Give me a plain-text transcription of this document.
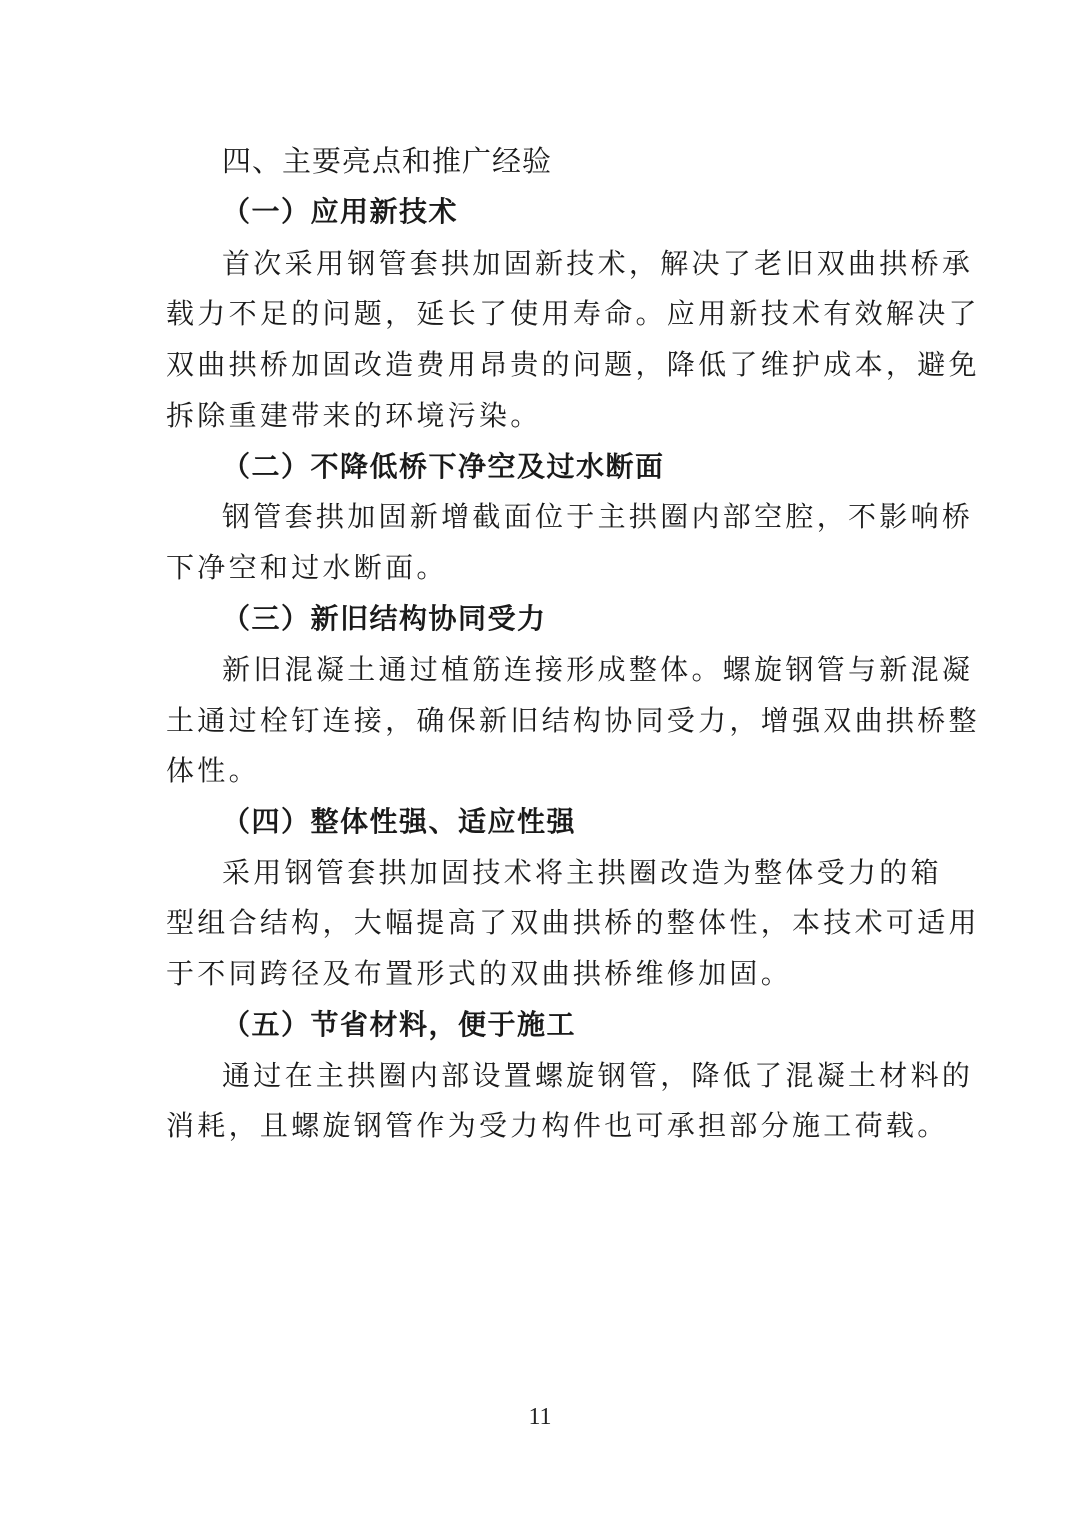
四、主要亮点和推广经验
（一）应用新技术
首次采用钢管套拱加固新技术，解决了老旧双曲拱桥承
载力不足的问题，延长了使用寿命。应用新技术有效解决了
双曲拱桥加固改造费用昂贵的问题，降低了维护成本，避免
拆除重建带来的环境污染。
（二）不降低桥下净空及过水断面
钢管套拱加固新增截面位于主拱圈内部空腔，不影响桥
下净空和过水断面。
（三）新旧结构协同受力
新旧混凝土通过植筋连接形成整体。螺旋钢管与新混凝
土通过栓钉连接，确保新旧结构协同受力，增强双曲拱桥整
体性。
（四）整体性强、适应性强
采用钢管套拱加固技术将主拱圈改造为整体受力的箱
型组合结构，大幅提高了双曲拱桥的整体性，本技术可适用
于不同跨径及布置形式的双曲拱桥维修加固。
（五）节省材料，便于施工
通过在主拱圈内部设置螺旋钢管，降低了混凝土材料的
消耗，且螺旋钢管作为受力构件也可承担部分施工荷载。
11
